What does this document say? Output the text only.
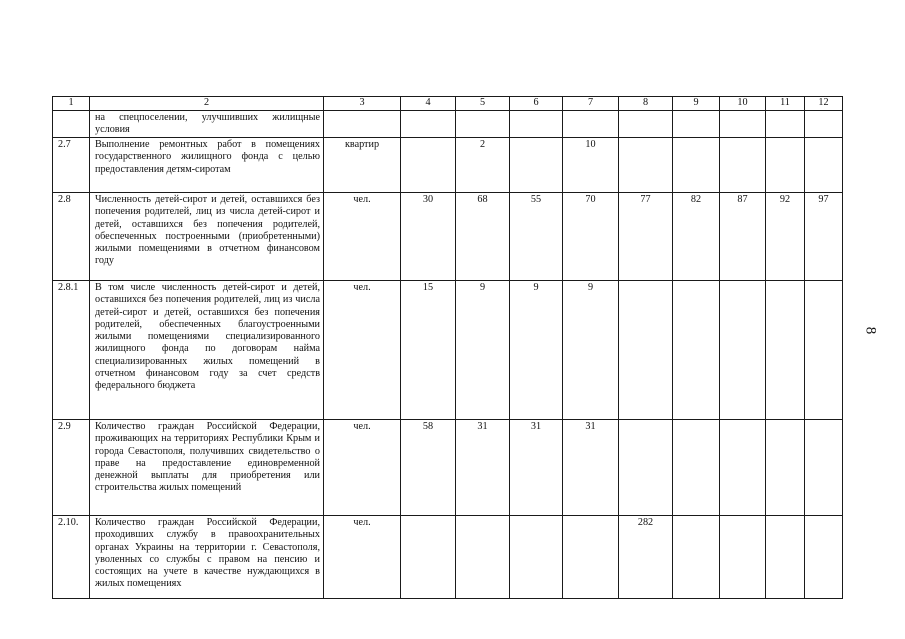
1	2	3	4	5	6	7	8	9	10	11	12
	на спецпоселении, улучшивших жилищные условия										
2.7	Выполнение ремонтных работ в помещениях государственного жилищного фонда с целью предоставления детям-сиротам	квартир		2		10					
2.8	Численность детей-сирот и детей, оставшихся без попечения родителей, лиц из числа детей-сирот и детей, оставшихся без попечения родителей, обеспеченных построенными (приобретенными) жилыми помещениями в отчетном финансовом году	чел.	30	68	55	70	77	82	87	92	97
2.8.1	В том числе численность детей-сирот и детей, оставшихся без попечения родителей, лиц из числа детей-сирот и детей, оставшихся без попечения родителей, обеспеченных благоустроенными жилыми помещениями специализированного жилищного фонда по договорам найма специализированных жилых помещений в отчетном финансовом году за счет средств федерального бюджета	чел.	15	9	9	9					
2.9	Количество граждан Российской Федерации, проживающих на территориях Республики Крым и города Севастополя, получивших свидетельство о праве на предоставление единовременной денежной выплаты для приобретения или строительства жилых помещений	чел.	58	31	31	31					
2.10.	Количество граждан Российской Федерации, проходивших службу в правоохранительных органах Украины на территории г. Севастополя, уволенных со службы с правом на пенсию и состоящих на учете в качестве нуждающихся в жилых помещениях	чел.					282				
8
